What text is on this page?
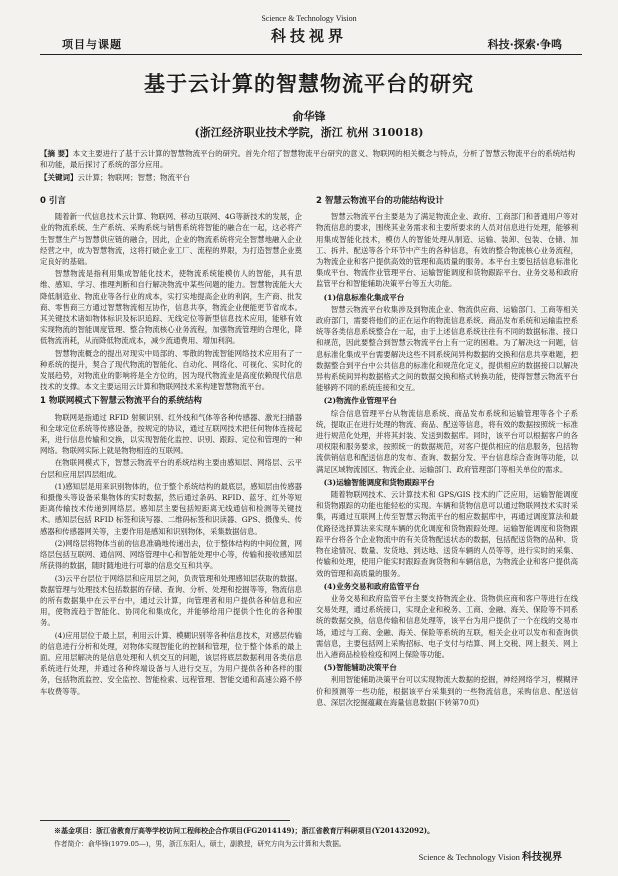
项目与课题
Science & Technology Vision
科技视界	科技·探索·争鸣
基于云计算的智慧物流平台的研究
俞华锋
(浙江经济职业技术学院，浙江 杭州 310018)
【摘 要】本文主要进行了基于云计算的智慧物流平台的研究。首先介绍了智慧物流平台研究的意义、物联网的相关概念与特点，分析了智慧云物流平台的系统结构和功能，最后探讨了系统的部分应用。
【关键词】云计算；物联网；智慧；物流平台
0 引言

随着新一代信息技术云计算、物联网、移动互联网、4G等新技术的发展，企业的物流系统、生产系统、采购系统与销售系统将智能的融合在一起，这必将产生智慧生产与智慧供应链的融合，因此，企业的物流系统将完全智慧地融入企业经营之中，成为智慧物流，这将打破企业工厂、流程的界限，为打造智慧企业奠定良好的基础。

智慧物流是指利用集成智能化技术，使物流系统能模仿人的智能，具有思维、感知、学习、推理判断和自行解决物流中某些问题的能力。智慧物流能大大降低制造业、物流业等各行业的成本，实打实地提高企业的利润，生产商、批发商、零售商三方通过智慧物流相互协作，信息共享，物流企业便能更节省成本。其关键技术诸如物体标识及标识追踪、无线定位等新型信息技术应用，能够有效实现物流的智能调度管理、整合物流核心业务流程，加强物流管理的合理化，降低物流消耗，从而降低物流成本，减少流通费用、增加利润。

智慧物流概念的提出对现实中局部的、零散的物流智能网络技术应用有了一种系统的提升，契合了现代物流的智能化、自动化、网络化、可视化、实时化的发展趋势，对物流业的影响将是全方位的，因为现代物流业是高度依赖现代信息技术的支撑。本文主要运用云计算和物联网技术来构建智慧物流平台。

1 物联网模式下智慧云物流平台的系统结构

物联网是指通过 RFID 射频识别、红外线和气体等各种传感器、激光扫描器和全球定位系统等传感设备，按规定的协议，通过互联网技术把任何物体连接起来，进行信息传输和交换，以实现智能化监控、识别、跟踪、定位和管理的一种网络。物联网实际上就是物物相连的互联网。

在物联网模式下，智慧云物流平台的系统结构主要由感知层、网络层、云平台层和应用层四层组成。

(1)感知层是用来识别物体的，位于整个系统结构的最底层，感知层由传感器和摄像头等设备采集物体的实时数据，然后通过条码、RFID、蓝牙、红外等短距离传输技术传递到网络层。感知层主要包括短距离无线通信和检测等关键技术。感知层包括 RFID 标签和读写器、二维码标签和识读器、GPS、摄像头、传感器和传感器网关等，主要作用是感知和识别物体，采集数据信息。

(2)网络层将物体当前的信息准确地传递出去，位于整体结构的中间位置，网络层包括互联网、通信网、网络管理中心和智能处理中心等，传输和接收感知层所获得的数据，随时随地进行可靠的信息交互和共享。

(3)云平台层位于网络层和应用层之间，负责管理和处理感知层获取的数据。数据管理与处理技术包括数据的存储、查询、分析、处理和挖掘等等，物流信息的所有数据集中在云平台中，通过云计算，向管理者和用户提供各种信息和应用，使物流趋于智能化、协同化和集成化，并能够给用户提供个性化的各种服务。

(4)应用层位于最上层，利用云计算、模糊识别等各种信息技术，对感层传输的信息进行分析和处理，对物体实现智能化的控制和管理，位于整个体系的最上面。应用层解决的是信息处理和人机交互的问题，该层将底层数据利用各类信息系统进行处理，并通过各种终端设备与人进行交互，为用户提供各种各样的服务，包括物流监控、安全监控、智能检索、远程管理、智能交通和高速公路不停车收费等等。

2 智慧云物流平台的功能结构设计

智慧云物流平台主要是为了满足物流企业、政府、工商部门和普通用户等对物流信息的要求，围绕其业务需求和主要所要求的人员对信息进行处理，能够利用集成智能化技术，模仿人的智能处理从制造、运输、装卸、包装、仓储、加工、拆并、配送等各个环节中产生的各种信息，有效的整合物流核心业务流程，为物流企业和客户提供高效的管理和高质量的服务。本平台主要包括信息标准化集成平台、物流作业管理平台、运输智能调度和货物跟踪平台、业务交易和政府监管平台和智能辅助决策平台等五大功能。

(1)信息标准化集成平台

智慧云物流平台收集涉及到物流企业、物流供应商、运输部门、工商等相关政府部门，需要将他们的正在运作的物流信息系统、商品发布系统和运输监控系统等各类信息系统整合在一起，由于上述信息系统往往有不同的数据标准、接口和规范，因此要整合到智慧云物流平台上有一定的困难。为了解决这一问题，信息标准化集成平台需要解决这些不同系统间异构数据的交换和信息共享难题，把数据整合到平台中公共信息的标准化和规范化定义，提供相应的数据接口以解决异构系统间异构数据格式之间的数据交换和格式转换功能，使得智慧云物流平台能够跨不同的系统连接和交互。

(2)物流作业管理平台

综合信息管理平台从物流信息系统、商品发布系统和运输管理等各个子系统，提取正在进行处理的物流、商品、配送等信息，将有效的数据按照统一标准进行规范化处理，并将其封装、发送到数据库。同时，该平台可以根据客户的各项权限和服务要求，按照统一的数据规范，对客户提供相应的信息服务，包括物流供销信息和配送信息的发布、查询、数据分发、平台信息综合查询等功能，以满足区域物流园区、物流企业、运输部门、政府管理部门等相关单位的需求。

(3)运输智能调度和货物跟踪平台

随着物联网技术、云计算技术和 GPS/GIS 技术的广泛应用，运输智能调度和货物跟踪的功能也能轻松的实现。车辆和货物信息可以通过物联网技术实时采集，再通过互联网上传至智慧云物流平台的相应数据库中，再通过调度算法和最优路径选择算法来实现车辆的优化调度和货物跟踪处理。运输智能调度和货物跟踪平台将各个企业物流中的有关货物配送状态的数据，包括配送货物的品种、货物在途情况、数量、发货地、到达地、送货车辆的人员等等，进行实时的采集、传输和处理，使用户能实时跟踪查询货物和车辆信息，为物流企业和客户提供高效的管理和高质量的服务。

(4)业务交易和政府监管平台

业务交易和政府监管平台主要支持物流企业、货物供应商和客户等进行在线交易处理，通过系统接口，实现企业和税务、工商、金融、海关、保险等不同系统的数据交换，信息传输和信息处理等，该平台为用户提供了一个在线的交易市场，通过与工商、金融、海关、保险等系统的互联，相关企业可以发布和查询供需信息，主要包括网上采购招标、电子支付与结算、网上交税、网上报关、网上出入港商品检验检疫和网上保险等功能。

(5)智能辅助决策平台

利用智能辅助决策平台可以实现物流大数据的挖掘，神经网络学习，模糊评价和预测等一些功能，根据该平台采集到的一些物流信息，采购信息、配送信息、深层次挖掘蕴藏在海量信息数据(下转第70页)

※基金项目：浙江省教育厅高等学校访问工程师校企合作项目(FG2014149)；浙江省教育厅科研项目(Y201432092)。
作者简介：俞华锋(1979.05—)，男，浙江东阳人，硕士，副教授，研究方向为云计算和大数据。
Science & Technology Vision 科技视界
